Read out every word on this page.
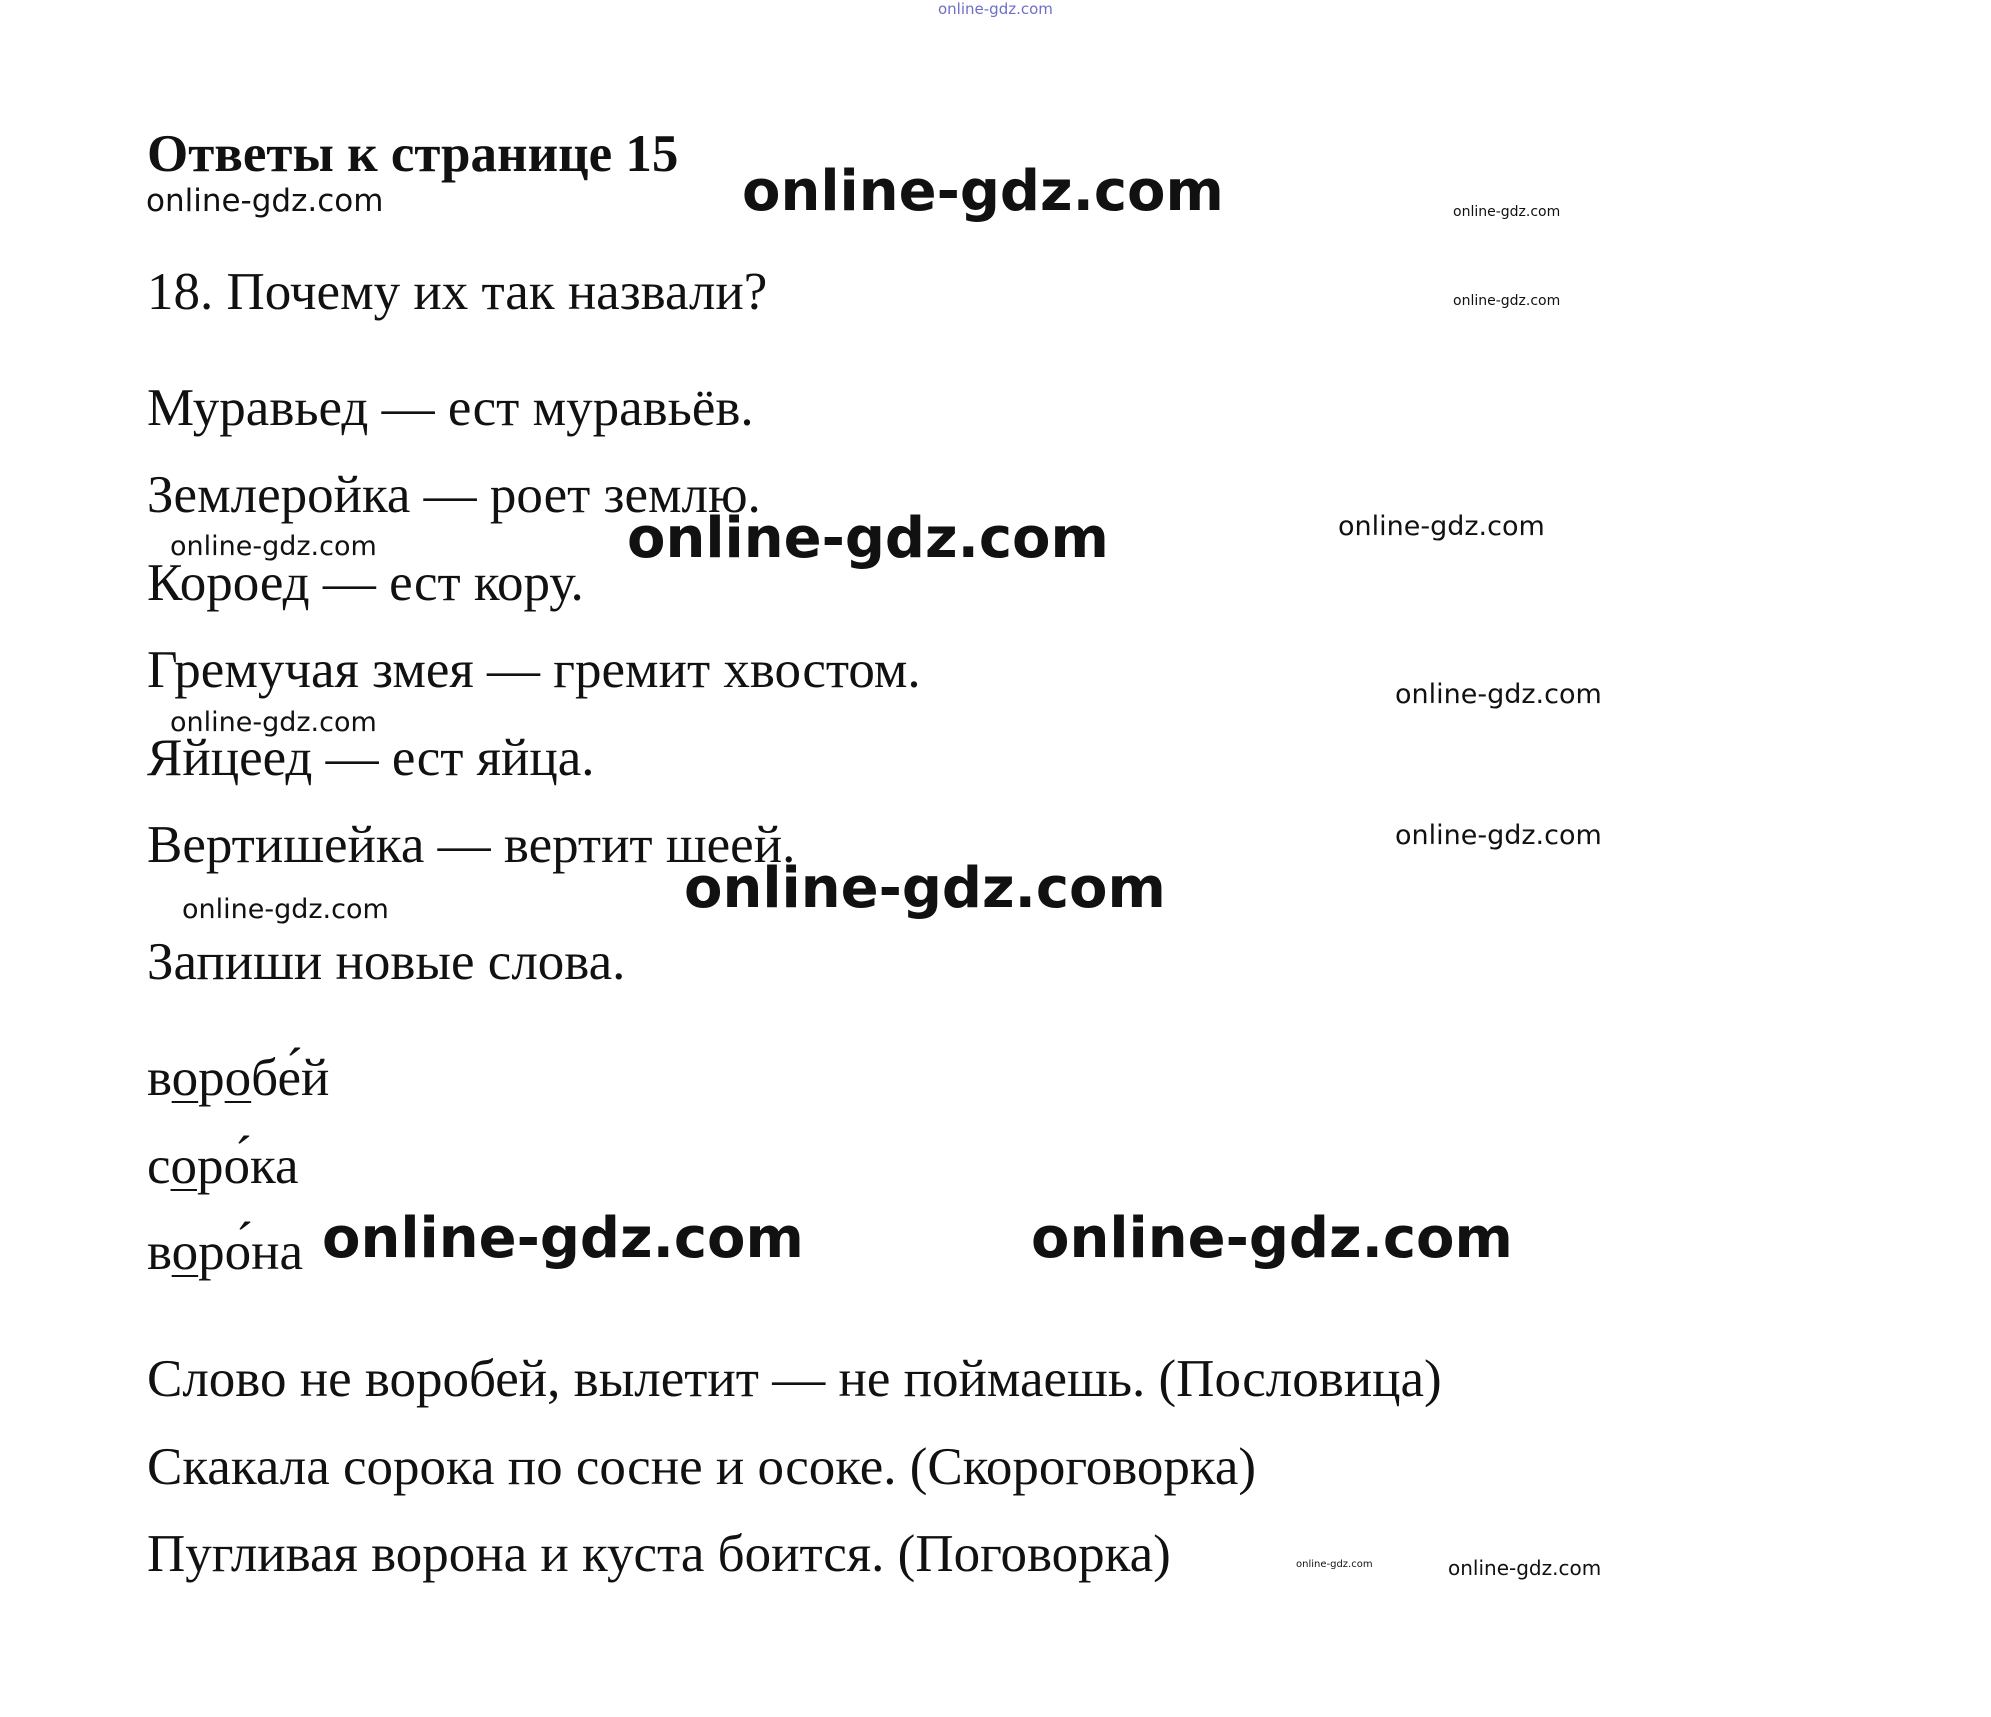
online-gdz.com
Ответы к странице 15
online-gdz.com	online-gdz.com	online-gdz.com
18. Почему их так назвали?	online-gdz.com
Муравьед — ест муравьёв.
Землеройка — роет землю.
online-gdz.com	online-gdz.com
online-gdz.com
Короед — ест кору.
Гремучая змея — гремит хвостом.	online-gdz.com
online-gdz.com
Яйцеед — ест яйца.
Вертишейка — вертит шеей.	online-gdz.com
online-gdz.com
online-gdz.com
Запиши новые слова.
воробе́й
соро́ка
воро́на online-gdz.com	online-gdz.com
Слово не воробей, вылетит — не поймаешь. (Пословица)
Скакала сорока по сосне и осоке. (Скороговорка)
Пугливая ворона и куста боится. (Поговорка)	online-gdz.com	online-gdz.com
